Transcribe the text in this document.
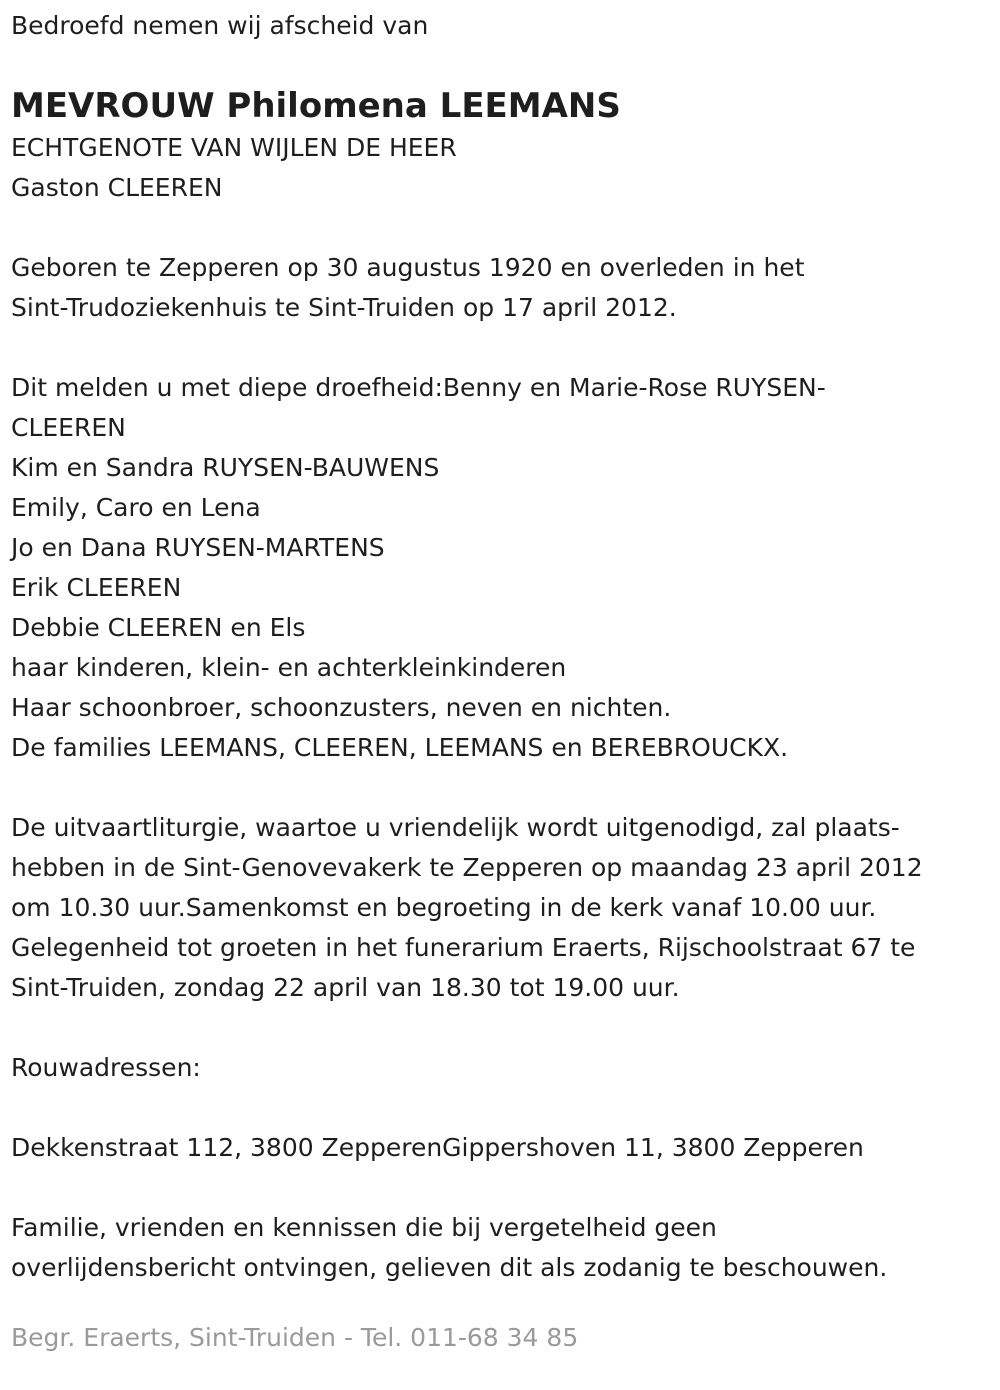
Bedroefd nemen wij afscheid van

MEVROUW Philomena LEEMANS

ECHTGENOTE VAN WIJLEN DE HEER

Gaston CLEEREN

Geboren te Zepperen op 30 augustus 1920 en overleden in het

Sint-Trudoziekenhuis te Sint-Truiden op 17 april 2012.

Dit melden u met diepe droefheid:Benny en Marie-Rose RUYSEN-

CLEEREN

Kim en Sandra RUYSEN-BAUWENS

Emily, Caro en Lena

Jo en Dana RUYSEN-MARTENS

Erik CLEEREN

Debbie CLEEREN en Els

haar kinderen, klein- en achterkleinkinderen

Haar schoonbroer, schoonzusters, neven en nichten.

De families LEEMANS, CLEEREN, LEEMANS en BEREBROUCKX.

De uitvaartliturgie, waartoe u vriendelijk wordt uitgenodigd, zal plaats-

hebben in de Sint-Genovevakerk te Zepperen op maandag 23 april 2012

om 10.30 uur.Samenkomst en begroeting in de kerk vanaf 10.00 uur.

Gelegenheid tot groeten in het funerarium Eraerts, Rijschoolstraat 67 te

Sint-Truiden, zondag 22 april van 18.30 tot 19.00 uur.

Rouwadressen:

Dekkenstraat 112, 3800 ZepperenGippershoven 11, 3800 Zepperen

Familie, vrienden en kennissen die bij vergetelheid geen

overlijdensbericht ontvingen, gelieven dit als zodanig te beschouwen.

Begr. Eraerts, Sint-Truiden - Tel. 011-68 34 85
